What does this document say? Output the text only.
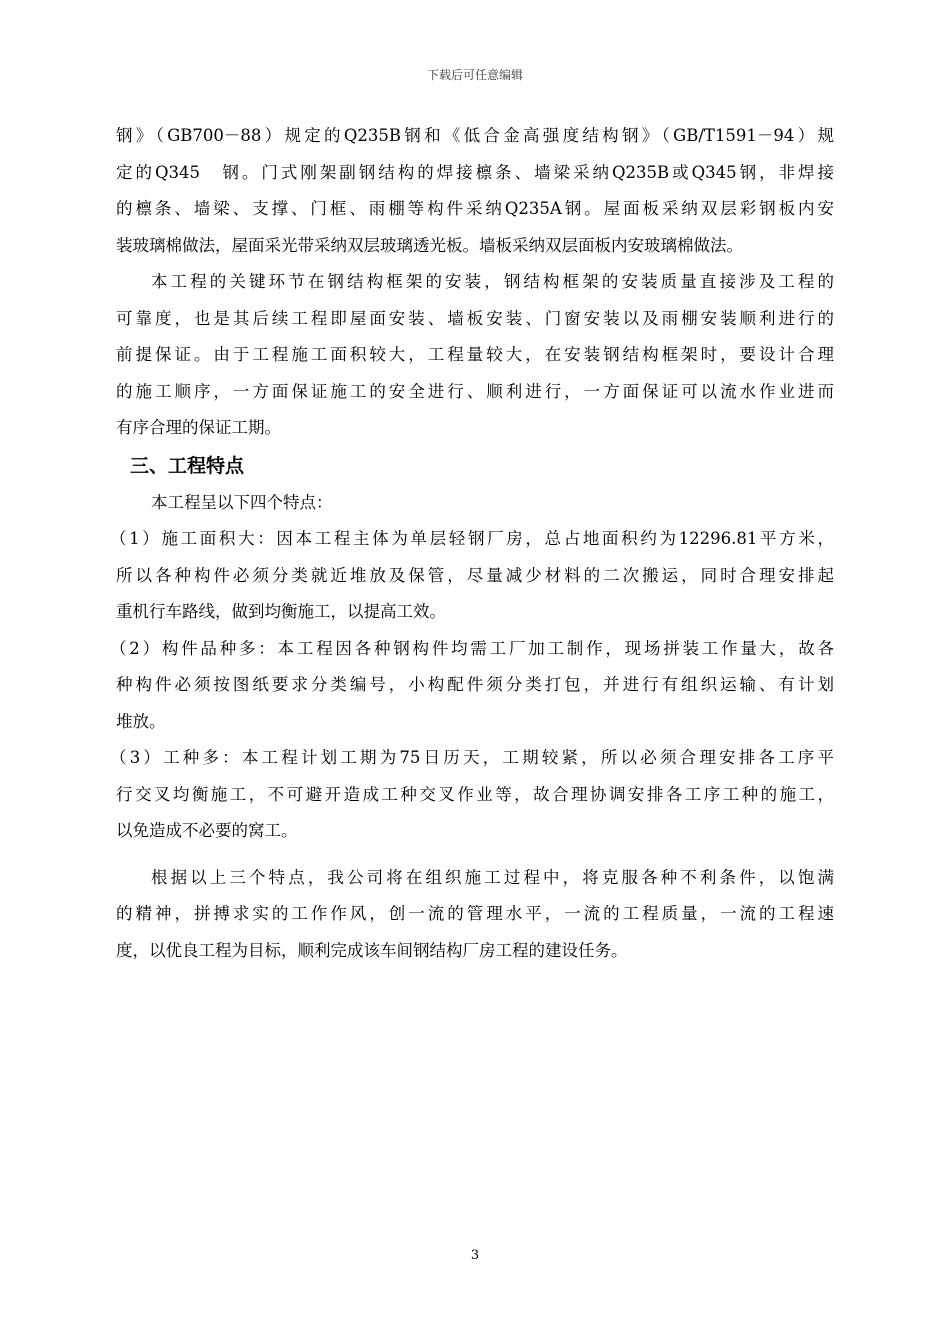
下载后可任意编辑
钢》（GB700－88）规定的Q235B钢和《低合金高强度结构钢》（GB/T1591－94）规
定的Q345　钢。门式刚架副钢结构的焊接檩条、墙梁采纳Q235B或Q345钢，非焊接
的檩条、墙梁、支撑、门框、雨棚等构件采纳Q235A钢。屋面板采纳双层彩钢板内安
装玻璃棉做法，屋面采光带采纳双层玻璃透光板。墙板采纳双层面板内安玻璃棉做法。
本工程的关键环节在钢结构框架的安装，钢结构框架的安装质量直接涉及工程的
可靠度，也是其后续工程即屋面安装、墙板安装、门窗安装以及雨棚安装顺利进行的
前提保证。由于工程施工面积较大，工程量较大，在安装钢结构框架时，要设计合理
的施工顺序，一方面保证施工的安全进行、顺利进行，一方面保证可以流水作业进而
有序合理的保证工期。
三、工程特点
本工程呈以下四个特点：
（1）施工面积大：因本工程主体为单层轻钢厂房，总占地面积约为12296.81平方米，
所以各种构件必须分类就近堆放及保管，尽量减少材料的二次搬运，同时合理安排起
重机行车路线，做到均衡施工，以提高工效。
（2）构件品种多：本工程因各种钢构件均需工厂加工制作，现场拼装工作量大，故各
种构件必须按图纸要求分类编号，小构配件须分类打包，并进行有组织运输、有计划
堆放。
（3）工种多：本工程计划工期为75日历天，工期较紧，所以必须合理安排各工序平
行交叉均衡施工，不可避开造成工种交叉作业等，故合理协调安排各工序工种的施工，
以免造成不必要的窝工。
根据以上三个特点，我公司将在组织施工过程中，将克服各种不利条件，以饱满
的精神，拼搏求实的工作作风，创一流的管理水平，一流的工程质量，一流的工程速
度，以优良工程为目标，顺利完成该车间钢结构厂房工程的建设任务。
3
